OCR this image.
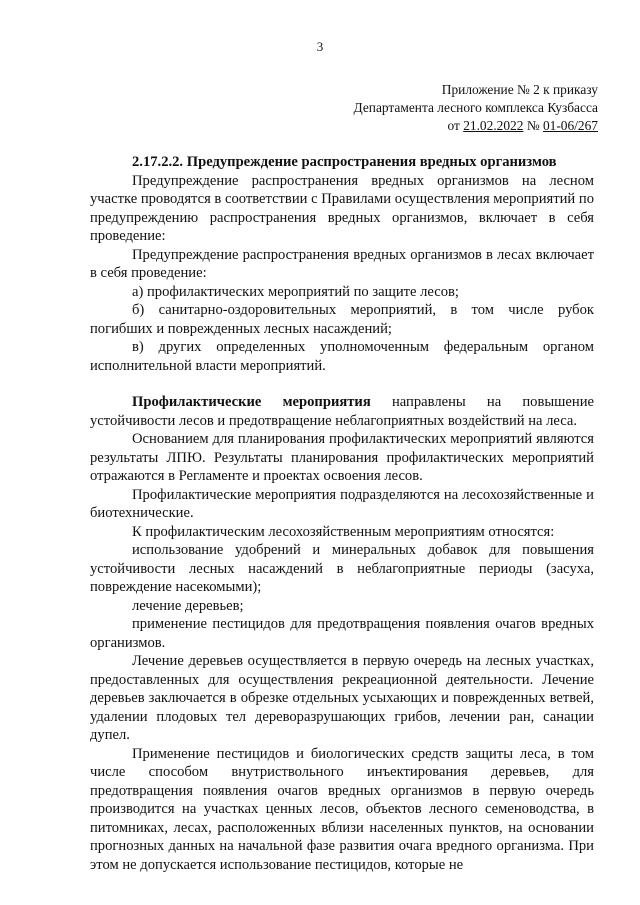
3
Приложение № 2 к приказу
Департамента лесного комплекса Кузбасса
от 21.02.2022 № 01-06/267

2.17.2.2. Предупреждение распространения вредных организмов

Предупреждение распространения вредных организмов на лесном участке проводятся в соответствии с Правилами осуществления мероприятий по предупреждению распространения вредных организмов, включает в себя проведение:

Предупреждение распространения вредных организмов в лесах включает в себя проведение:

а) профилактических мероприятий по защите лесов;

б) санитарно-оздоровительных мероприятий, в том числе рубок погибших и поврежденных лесных насаждений;

в) других определенных уполномоченным федеральным органом исполнительной власти мероприятий.

Профилактические мероприятия направлены на повышение устойчивости лесов и предотвращение неблагоприятных воздействий на леса.

Основанием для планирования профилактических мероприятий являются результаты ЛПЮ. Результаты планирования профилактических мероприятий отражаются в Регламенте и проектах освоения лесов.

Профилактические мероприятия подразделяются на лесохозяйственные и биотехнические.

К профилактическим лесохозяйственным мероприятиям относятся:

использование удобрений и минеральных добавок для повышения устойчивости лесных насаждений в неблагоприятные периоды (засуха, повреждение насекомыми);

лечение деревьев;

применение пестицидов для предотвращения появления очагов вредных организмов.

Лечение деревьев осуществляется в первую очередь на лесных участках, предоставленных для осуществления рекреационной деятельности. Лечение деревьев заключается в обрезке отдельных усыхающих и поврежденных ветвей, удалении плодовых тел дереворазрушающих грибов, лечении ран, санации дупел.

Применение пестицидов и биологических средств защиты леса, в том числе способом внутриствольного инъектирования деревьев, для предотвращения появления очагов вредных организмов в первую очередь производится на участках ценных лесов, объектов лесного семеноводства, в питомниках, лесах, расположенных вблизи населенных пунктов, на основании прогнозных данных на начальной фазе развития очага вредного организма. При этом не допускается использование пестицидов, которые не
